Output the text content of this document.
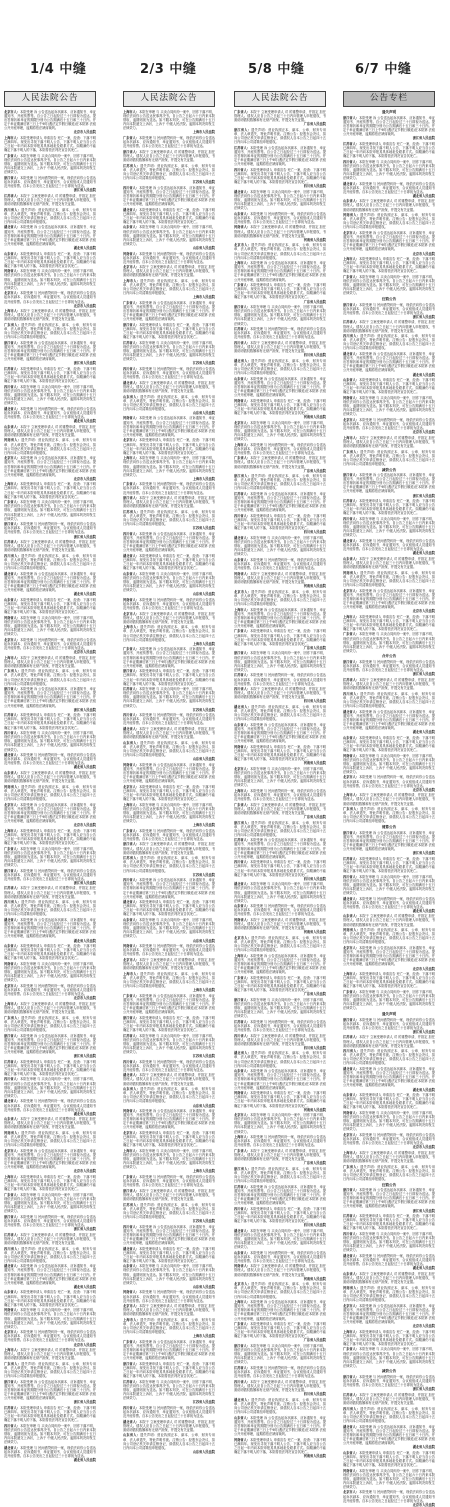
1/4 中缝	2/3 中缝	5/8 中缝	6/7 中缝
人民法院公告
北京市人：本院受理 诉 公告送达起诉状副本、应诉通知书、举证通知书、开庭传票等。自公告之日起经过三十日即视为送达。提出答辩状和举证的期限分别为公告期满后十五日和三十日内。并定于举证期满后第三日上午9时(遇法定节假日顺延)在本院第 法庭公开开庭审理，逾期将依法缺席裁判。
北京市人民法院
上海市人：本院受理申请人 申请宣告 死亡一案，经查：下落不明已满四年。现发出寻找下落不明人公告，下落不明人应当自公告之日起一年内向本院申报其具体地址及联系方式。如期满仍不能确定下落不明人的下落，本院将依法判决宣告其死亡。
广东省人：本院在审理 与 买卖合同纠纷一案中，因你下落不明，现依法向你公告送达民事判决书。自公告之日起六十日内来本院领取，逾期则视为送达。如不服本判决，可在公告期满后十五日内向本院递交上诉状，上诉于 中级人民法院。逾期本判决即发生法律效力。
浙江省人：本院受理 与 民间借贷纠纷一案，现依法向你公告送达起诉状副本、应诉通知书、举证通知书、合议庭组成人员通知书及开庭传票。自本公告发出之日起经过三十日即视为送达。
浙江省人民法院
江苏省人：本院于 立案受理申请人 对 的重整申请，并指定 担任管理人。债权人应自公告之日起三十日内向管理人申报债权，书面说明债权数额和有无财产担保，并提交有关证据。
四川省人：遗失声明：营业执照正本、副本、公章、财务专用章、法人章遗失，特此声明作废。注销公告：经股东会决议，拟向公司登记机关申请注销登记，请债权人自本公告之日起四十五日内向本公司清算组申报债权。
湖北省人：本院受理 诉 公告送达起诉状副本、应诉通知书、举证通知书、开庭传票等。自公告之日起经过三十日即视为送达。提出答辩状和举证的期限分别为公告期满后十五日和三十日内。并定于举证期满后第三日上午9时(遇法定节假日顺延)在本院第 法庭公开开庭审理，逾期将依法缺席裁判。
湖北省人民法院
山东省人：本院受理申请人 申请宣告 死亡一案，经查：下落不明已满四年。现发出寻找下落不明人公告，下落不明人应当自公告之日起一年内向本院申报其具体地址及联系方式。如期满仍不能确定下落不明人的下落，本院将依法判决宣告其死亡。
河南省人：本院在审理 与 买卖合同纠纷一案中，因你下落不明，现依法向你公告送达民事判决书。自公告之日起六十日内来本院领取，逾期则视为送达。如不服本判决，可在公告期满后十五日内向本院递交上诉状，上诉于 中级人民法院。逾期本判决即发生法律效力。
北京市人：本院受理 与 民间借贷纠纷一案，现依法向你公告送达起诉状副本、应诉通知书、举证通知书、合议庭组成人员通知书及开庭传票。自本公告发出之日起经过三十日即视为送达。
北京市人民法院
上海市人：本院于 立案受理申请人 对 的重整申请，并指定 担任管理人。债权人应自公告之日起三十日内向管理人申报债权，书面说明债权数额和有无财产担保，并提交有关证据。
广东省人：遗失声明：营业执照正本、副本、公章、财务专用章、法人章遗失，特此声明作废。注销公告：经股东会决议，拟向公司登记机关申请注销登记，请债权人自本公告之日起四十五日内向本公司清算组申报债权。
浙江省人：本院受理 诉 公告送达起诉状副本、应诉通知书、举证通知书、开庭传票等。自公告之日起经过三十日即视为送达。提出答辩状和举证的期限分别为公告期满后十五日和三十日内。并定于举证期满后第三日上午9时(遇法定节假日顺延)在本院第 法庭公开开庭审理，逾期将依法缺席裁判。
浙江省人民法院
江苏省人：本院受理申请人 申请宣告 死亡一案，经查：下落不明已满四年。现发出寻找下落不明人公告，下落不明人应当自公告之日起一年内向本院申报其具体地址及联系方式。如期满仍不能确定下落不明人的下落，本院将依法判决宣告其死亡。
四川省人：本院在审理 与 买卖合同纠纷一案中，因你下落不明，现依法向你公告送达民事判决书。自公告之日起六十日内来本院领取，逾期则视为送达。如不服本判决，可在公告期满后十五日内向本院递交上诉状，上诉于 中级人民法院。逾期本判决即发生法律效力。
湖北省人：本院受理 与 民间借贷纠纷一案，现依法向你公告送达起诉状副本、应诉通知书、举证通知书、合议庭组成人员通知书及开庭传票。自本公告发出之日起经过三十日即视为送达。
湖北省人民法院
山东省人：本院于 立案受理申请人 对 的重整申请，并指定 担任管理人。债权人应自公告之日起三十日内向管理人申报债权，书面说明债权数额和有无财产担保，并提交有关证据。
河南省人：遗失声明：营业执照正本、副本、公章、财务专用章、法人章遗失，特此声明作废。注销公告：经股东会决议，拟向公司登记机关申请注销登记，请债权人自本公告之日起四十五日内向本公司清算组申报债权。
北京市人：本院受理 诉 公告送达起诉状副本、应诉通知书、举证通知书、开庭传票等。自公告之日起经过三十日即视为送达。提出答辩状和举证的期限分别为公告期满后十五日和三十日内。并定于举证期满后第三日上午9时(遇法定节假日顺延)在本院第 法庭公开开庭审理，逾期将依法缺席裁判。
北京市人民法院
上海市人：本院受理申请人 申请宣告 死亡一案，经查：下落不明已满四年。现发出寻找下落不明人公告，下落不明人应当自公告之日起一年内向本院申报其具体地址及联系方式。如期满仍不能确定下落不明人的下落，本院将依法判决宣告其死亡。
广东省人：本院在审理 与 买卖合同纠纷一案中，因你下落不明，现依法向你公告送达民事判决书。自公告之日起六十日内来本院领取，逾期则视为送达。如不服本判决，可在公告期满后十五日内向本院递交上诉状，上诉于 中级人民法院。逾期本判决即发生法律效力。
浙江省人：本院受理 与 民间借贷纠纷一案，现依法向你公告送达起诉状副本、应诉通知书、举证通知书、合议庭组成人员通知书及开庭传票。自本公告发出之日起经过三十日即视为送达。
浙江省人民法院
江苏省人：本院于 立案受理申请人 对 的重整申请，并指定 担任管理人。债权人应自公告之日起三十日内向管理人申报债权，书面说明债权数额和有无财产担保，并提交有关证据。
四川省人：遗失声明：营业执照正本、副本、公章、财务专用章、法人章遗失，特此声明作废。注销公告：经股东会决议，拟向公司登记机关申请注销登记，请债权人自本公告之日起四十五日内向本公司清算组申报债权。
湖北省人：本院受理 诉 公告送达起诉状副本、应诉通知书、举证通知书、开庭传票等。自公告之日起经过三十日即视为送达。提出答辩状和举证的期限分别为公告期满后十五日和三十日内。并定于举证期满后第三日上午9时(遇法定节假日顺延)在本院第 法庭公开开庭审理，逾期将依法缺席裁判。
湖北省人民法院
山东省人：本院受理申请人 申请宣告 死亡一案，经查：下落不明已满四年。现发出寻找下落不明人公告，下落不明人应当自公告之日起一年内向本院申报其具体地址及联系方式。如期满仍不能确定下落不明人的下落，本院将依法判决宣告其死亡。
河南省人：本院在审理 与 买卖合同纠纷一案中，因你下落不明，现依法向你公告送达民事判决书。自公告之日起六十日内来本院领取，逾期则视为送达。如不服本判决，可在公告期满后十五日内向本院递交上诉状，上诉于 中级人民法院。逾期本判决即发生法律效力。
北京市人：本院受理 与 民间借贷纠纷一案，现依法向你公告送达起诉状副本、应诉通知书、举证通知书、合议庭组成人员通知书及开庭传票。自本公告发出之日起经过三十日即视为送达。
北京市人民法院
上海市人：本院于 立案受理申请人 对 的重整申请，并指定 担任管理人。债权人应自公告之日起三十日内向管理人申报债权，书面说明债权数额和有无财产担保，并提交有关证据。
广东省人：遗失声明：营业执照正本、副本、公章、财务专用章、法人章遗失，特此声明作废。注销公告：经股东会决议，拟向公司登记机关申请注销登记，请债权人自本公告之日起四十五日内向本公司清算组申报债权。
浙江省人：本院受理 诉 公告送达起诉状副本、应诉通知书、举证通知书、开庭传票等。自公告之日起经过三十日即视为送达。提出答辩状和举证的期限分别为公告期满后十五日和三十日内。并定于举证期满后第三日上午9时(遇法定节假日顺延)在本院第 法庭公开开庭审理，逾期将依法缺席裁判。
浙江省人民法院
江苏省人：本院受理申请人 申请宣告 死亡一案，经查：下落不明已满四年。现发出寻找下落不明人公告，下落不明人应当自公告之日起一年内向本院申报其具体地址及联系方式。如期满仍不能确定下落不明人的下落，本院将依法判决宣告其死亡。
四川省人：本院在审理 与 买卖合同纠纷一案中，因你下落不明，现依法向你公告送达民事判决书。自公告之日起六十日内来本院领取，逾期则视为送达。如不服本判决，可在公告期满后十五日内向本院递交上诉状，上诉于 中级人民法院。逾期本判决即发生法律效力。
湖北省人：本院受理 与 民间借贷纠纷一案，现依法向你公告送达起诉状副本、应诉通知书、举证通知书、合议庭组成人员通知书及开庭传票。自本公告发出之日起经过三十日即视为送达。
湖北省人民法院
山东省人：本院于 立案受理申请人 对 的重整申请，并指定 担任管理人。债权人应自公告之日起三十日内向管理人申报债权，书面说明债权数额和有无财产担保，并提交有关证据。
河南省人：遗失声明：营业执照正本、副本、公章、财务专用章、法人章遗失，特此声明作废。注销公告：经股东会决议，拟向公司登记机关申请注销登记，请债权人自本公告之日起四十五日内向本公司清算组申报债权。
北京市人：本院受理 诉 公告送达起诉状副本、应诉通知书、举证通知书、开庭传票等。自公告之日起经过三十日即视为送达。提出答辩状和举证的期限分别为公告期满后十五日和三十日内。并定于举证期满后第三日上午9时(遇法定节假日顺延)在本院第 法庭公开开庭审理，逾期将依法缺席裁判。
北京市人民法院
上海市人：本院受理申请人 申请宣告 死亡一案，经查：下落不明已满四年。现发出寻找下落不明人公告，下落不明人应当自公告之日起一年内向本院申报其具体地址及联系方式。如期满仍不能确定下落不明人的下落，本院将依法判决宣告其死亡。
广东省人：本院在审理 与 买卖合同纠纷一案中，因你下落不明，现依法向你公告送达民事判决书。自公告之日起六十日内来本院领取，逾期则视为送达。如不服本判决，可在公告期满后十五日内向本院递交上诉状，上诉于 中级人民法院。逾期本判决即发生法律效力。
浙江省人：本院受理 与 民间借贷纠纷一案，现依法向你公告送达起诉状副本、应诉通知书、举证通知书、合议庭组成人员通知书及开庭传票。自本公告发出之日起经过三十日即视为送达。
浙江省人民法院
江苏省人：本院于 立案受理申请人 对 的重整申请，并指定 担任管理人。债权人应自公告之日起三十日内向管理人申报债权，书面说明债权数额和有无财产担保，并提交有关证据。
四川省人：遗失声明：营业执照正本、副本、公章、财务专用章、法人章遗失，特此声明作废。注销公告：经股东会决议，拟向公司登记机关申请注销登记，请债权人自本公告之日起四十五日内向本公司清算组申报债权。
湖北省人：本院受理 诉 公告送达起诉状副本、应诉通知书、举证通知书、开庭传票等。自公告之日起经过三十日即视为送达。提出答辩状和举证的期限分别为公告期满后十五日和三十日内。并定于举证期满后第三日上午9时(遇法定节假日顺延)在本院第 法庭公开开庭审理，逾期将依法缺席裁判。
湖北省人民法院
山东省人：本院受理申请人 申请宣告 死亡一案，经查：下落不明已满四年。现发出寻找下落不明人公告，下落不明人应当自公告之日起一年内向本院申报其具体地址及联系方式。如期满仍不能确定下落不明人的下落，本院将依法判决宣告其死亡。
河南省人：本院在审理 与 买卖合同纠纷一案中，因你下落不明，现依法向你公告送达民事判决书。自公告之日起六十日内来本院领取，逾期则视为送达。如不服本判决，可在公告期满后十五日内向本院递交上诉状，上诉于 中级人民法院。逾期本判决即发生法律效力。
北京市人：本院受理 与 民间借贷纠纷一案，现依法向你公告送达起诉状副本、应诉通知书、举证通知书、合议庭组成人员通知书及开庭传票。自本公告发出之日起经过三十日即视为送达。
北京市人民法院
上海市人：本院于 立案受理申请人 对 的重整申请，并指定 担任管理人。债权人应自公告之日起三十日内向管理人申报债权，书面说明债权数额和有无财产担保，并提交有关证据。
广东省人：遗失声明：营业执照正本、副本、公章、财务专用章、法人章遗失，特此声明作废。注销公告：经股东会决议，拟向公司登记机关申请注销登记，请债权人自本公告之日起四十五日内向本公司清算组申报债权。
浙江省人：本院受理 诉 公告送达起诉状副本、应诉通知书、举证通知书、开庭传票等。自公告之日起经过三十日即视为送达。提出答辩状和举证的期限分别为公告期满后十五日和三十日内。并定于举证期满后第三日上午9时(遇法定节假日顺延)在本院第 法庭公开开庭审理，逾期将依法缺席裁判。
浙江省人民法院
江苏省人：本院受理申请人 申请宣告 死亡一案，经查：下落不明已满四年。现发出寻找下落不明人公告，下落不明人应当自公告之日起一年内向本院申报其具体地址及联系方式。如期满仍不能确定下落不明人的下落，本院将依法判决宣告其死亡。
四川省人：本院在审理 与 买卖合同纠纷一案中，因你下落不明，现依法向你公告送达民事判决书。自公告之日起六十日内来本院领取，逾期则视为送达。如不服本判决，可在公告期满后十五日内向本院递交上诉状，上诉于 中级人民法院。逾期本判决即发生法律效力。
湖北省人：本院受理 与 民间借贷纠纷一案，现依法向你公告送达起诉状副本、应诉通知书、举证通知书、合议庭组成人员通知书及开庭传票。自本公告发出之日起经过三十日即视为送达。
湖北省人民法院
山东省人：本院于 立案受理申请人 对 的重整申请，并指定 担任管理人。债权人应自公告之日起三十日内向管理人申报债权，书面说明债权数额和有无财产担保，并提交有关证据。
河南省人：遗失声明：营业执照正本、副本、公章、财务专用章、法人章遗失，特此声明作废。注销公告：经股东会决议，拟向公司登记机关申请注销登记，请债权人自本公告之日起四十五日内向本公司清算组申报债权。
北京市人：本院受理 诉 公告送达起诉状副本、应诉通知书、举证通知书、开庭传票等。自公告之日起经过三十日即视为送达。提出答辩状和举证的期限分别为公告期满后十五日和三十日内。并定于举证期满后第三日上午9时(遇法定节假日顺延)在本院第 法庭公开开庭审理，逾期将依法缺席裁判。
北京市人民法院
上海市人：本院受理申请人 申请宣告 死亡一案，经查：下落不明已满四年。现发出寻找下落不明人公告，下落不明人应当自公告之日起一年内向本院申报其具体地址及联系方式。如期满仍不能确定下落不明人的下落，本院将依法判决宣告其死亡。
广东省人：本院在审理 与 买卖合同纠纷一案中，因你下落不明，现依法向你公告送达民事判决书。自公告之日起六十日内来本院领取，逾期则视为送达。如不服本判决，可在公告期满后十五日内向本院递交上诉状，上诉于 中级人民法院。逾期本判决即发生法律效力。
浙江省人：本院受理 与 民间借贷纠纷一案，现依法向你公告送达起诉状副本、应诉通知书、举证通知书、合议庭组成人员通知书及开庭传票。自本公告发出之日起经过三十日即视为送达。
浙江省人民法院
江苏省人：本院于 立案受理申请人 对 的重整申请，并指定 担任管理人。债权人应自公告之日起三十日内向管理人申报债权，书面说明债权数额和有无财产担保，并提交有关证据。
四川省人：遗失声明：营业执照正本、副本、公章、财务专用章、法人章遗失，特此声明作废。注销公告：经股东会决议，拟向公司登记机关申请注销登记，请债权人自本公告之日起四十五日内向本公司清算组申报债权。
湖北省人：本院受理 诉 公告送达起诉状副本、应诉通知书、举证通知书、开庭传票等。自公告之日起经过三十日即视为送达。提出答辩状和举证的期限分别为公告期满后十五日和三十日内。并定于举证期满后第三日上午9时(遇法定节假日顺延)在本院第 法庭公开开庭审理，逾期将依法缺席裁判。
湖北省人民法院
山东省人：本院受理申请人 申请宣告 死亡一案，经查：下落不明已满四年。现发出寻找下落不明人公告，下落不明人应当自公告之日起一年内向本院申报其具体地址及联系方式。如期满仍不能确定下落不明人的下落，本院将依法判决宣告其死亡。
河南省人：本院在审理 与 买卖合同纠纷一案中，因你下落不明，现依法向你公告送达民事判决书。自公告之日起六十日内来本院领取，逾期则视为送达。如不服本判决，可在公告期满后十五日内向本院递交上诉状，上诉于 中级人民法院。逾期本判决即发生法律效力。
北京市人：本院受理 与 民间借贷纠纷一案，现依法向你公告送达起诉状副本、应诉通知书、举证通知书、合议庭组成人员通知书及开庭传票。自本公告发出之日起经过三十日即视为送达。
北京市人民法院
上海市人：本院于 立案受理申请人 对 的重整申请，并指定 担任管理人。债权人应自公告之日起三十日内向管理人申报债权，书面说明债权数额和有无财产担保，并提交有关证据。
广东省人：遗失声明：营业执照正本、副本、公章、财务专用章、法人章遗失，特此声明作废。注销公告：经股东会决议，拟向公司登记机关申请注销登记，请债权人自本公告之日起四十五日内向本公司清算组申报债权。
浙江省人：本院受理 诉 公告送达起诉状副本、应诉通知书、举证通知书、开庭传票等。自公告之日起经过三十日即视为送达。提出答辩状和举证的期限分别为公告期满后十五日和三十日内。并定于举证期满后第三日上午9时(遇法定节假日顺延)在本院第 法庭公开开庭审理，逾期将依法缺席裁判。
浙江省人民法院
江苏省人：本院受理申请人 申请宣告 死亡一案，经查：下落不明已满四年。现发出寻找下落不明人公告，下落不明人应当自公告之日起一年内向本院申报其具体地址及联系方式。如期满仍不能确定下落不明人的下落，本院将依法判决宣告其死亡。
四川省人：本院在审理 与 买卖合同纠纷一案中，因你下落不明，现依法向你公告送达民事判决书。自公告之日起六十日内来本院领取，逾期则视为送达。如不服本判决，可在公告期满后十五日内向本院递交上诉状，上诉于 中级人民法院。逾期本判决即发生法律效力。
湖北省人：本院受理 与 民间借贷纠纷一案，现依法向你公告送达起诉状副本、应诉通知书、举证通知书、合议庭组成人员通知书及开庭传票。自本公告发出之日起经过三十日即视为送达。
湖北省人民法院
人民法院公告
上海市人：本院在审理 与 买卖合同纠纷一案中，因你下落不明，现依法向你公告送达民事判决书。自公告之日起六十日内来本院领取，逾期则视为送达。如不服本判决，可在公告期满后十五日内向本院递交上诉状，上诉于 中级人民法院。逾期本判决即发生法律效力。
上海市人民法院
广东省人：本院受理 与 民间借贷纠纷一案，现依法向你公告送达起诉状副本、应诉通知书、举证通知书、合议庭组成人员通知书及开庭传票。自本公告发出之日起经过三十日即视为送达。
浙江省人：本院于 立案受理申请人 对 的重整申请，并指定 担任管理人。债权人应自公告之日起三十日内向管理人申报债权，书面说明债权数额和有无财产担保，并提交有关证据。
江苏省人：遗失声明：营业执照正本、副本、公章、财务专用章、法人章遗失，特此声明作废。注销公告：经股东会决议，拟向公司登记机关申请注销登记，请债权人自本公告之日起四十五日内向本公司清算组申报债权。
江苏省人民法院
四川省人：本院受理 诉 公告送达起诉状副本、应诉通知书、举证通知书、开庭传票等。自公告之日起经过三十日即视为送达。提出答辩状和举证的期限分别为公告期满后十五日和三十日内。并定于举证期满后第三日上午9时(遇法定节假日顺延)在本院第 法庭公开开庭审理，逾期将依法缺席裁判。
湖北省人：本院受理申请人 申请宣告 死亡一案，经查：下落不明已满四年。现发出寻找下落不明人公告，下落不明人应当自公告之日起一年内向本院申报其具体地址及联系方式。如期满仍不能确定下落不明人的下落，本院将依法判决宣告其死亡。
山东省人：本院在审理 与 买卖合同纠纷一案中，因你下落不明，现依法向你公告送达民事判决书。自公告之日起六十日内来本院领取，逾期则视为送达。如不服本判决，可在公告期满后十五日内向本院递交上诉状，上诉于 中级人民法院。逾期本判决即发生法律效力。
山东省人民法院
河南省人：本院受理 与 民间借贷纠纷一案，现依法向你公告送达起诉状副本、应诉通知书、举证通知书、合议庭组成人员通知书及开庭传票。自本公告发出之日起经过三十日即视为送达。
北京市人：本院于 立案受理申请人 对 的重整申请，并指定 担任管理人。债权人应自公告之日起三十日内向管理人申报债权，书面说明债权数额和有无财产担保，并提交有关证据。
上海市人：遗失声明：营业执照正本、副本、公章、财务专用章、法人章遗失，特此声明作废。注销公告：经股东会决议，拟向公司登记机关申请注销登记，请债权人自本公告之日起四十五日内向本公司清算组申报债权。
上海市人民法院
广东省人：本院受理 诉 公告送达起诉状副本、应诉通知书、举证通知书、开庭传票等。自公告之日起经过三十日即视为送达。提出答辩状和举证的期限分别为公告期满后十五日和三十日内。并定于举证期满后第三日上午9时(遇法定节假日顺延)在本院第 法庭公开开庭审理，逾期将依法缺席裁判。
浙江省人：本院受理申请人 申请宣告 死亡一案，经查：下落不明已满四年。现发出寻找下落不明人公告，下落不明人应当自公告之日起一年内向本院申报其具体地址及联系方式。如期满仍不能确定下落不明人的下落，本院将依法判决宣告其死亡。
江苏省人：本院在审理 与 买卖合同纠纷一案中，因你下落不明，现依法向你公告送达民事判决书。自公告之日起六十日内来本院领取，逾期则视为送达。如不服本判决，可在公告期满后十五日内向本院递交上诉状，上诉于 中级人民法院。逾期本判决即发生法律效力。
江苏省人民法院
四川省人：本院受理 与 民间借贷纠纷一案，现依法向你公告送达起诉状副本、应诉通知书、举证通知书、合议庭组成人员通知书及开庭传票。自本公告发出之日起经过三十日即视为送达。
湖北省人：本院于 立案受理申请人 对 的重整申请，并指定 担任管理人。债权人应自公告之日起三十日内向管理人申报债权，书面说明债权数额和有无财产担保，并提交有关证据。
山东省人：遗失声明：营业执照正本、副本、公章、财务专用章、法人章遗失，特此声明作废。注销公告：经股东会决议，拟向公司登记机关申请注销登记，请债权人自本公告之日起四十五日内向本公司清算组申报债权。
山东省人民法院
河南省人：本院受理 诉 公告送达起诉状副本、应诉通知书、举证通知书、开庭传票等。自公告之日起经过三十日即视为送达。提出答辩状和举证的期限分别为公告期满后十五日和三十日内。并定于举证期满后第三日上午9时(遇法定节假日顺延)在本院第 法庭公开开庭审理，逾期将依法缺席裁判。
北京市人：本院受理申请人 申请宣告 死亡一案，经查：下落不明已满四年。现发出寻找下落不明人公告，下落不明人应当自公告之日起一年内向本院申报其具体地址及联系方式。如期满仍不能确定下落不明人的下落，本院将依法判决宣告其死亡。
上海市人：本院在审理 与 买卖合同纠纷一案中，因你下落不明，现依法向你公告送达民事判决书。自公告之日起六十日内来本院领取，逾期则视为送达。如不服本判决，可在公告期满后十五日内向本院递交上诉状，上诉于 中级人民法院。逾期本判决即发生法律效力。
上海市人民法院
广东省人：本院受理 与 民间借贷纠纷一案，现依法向你公告送达起诉状副本、应诉通知书、举证通知书、合议庭组成人员通知书及开庭传票。自本公告发出之日起经过三十日即视为送达。
浙江省人：本院于 立案受理申请人 对 的重整申请，并指定 担任管理人。债权人应自公告之日起三十日内向管理人申报债权，书面说明债权数额和有无财产担保，并提交有关证据。
江苏省人：遗失声明：营业执照正本、副本、公章、财务专用章、法人章遗失，特此声明作废。注销公告：经股东会决议，拟向公司登记机关申请注销登记，请债权人自本公告之日起四十五日内向本公司清算组申报债权。
江苏省人民法院
四川省人：本院受理 诉 公告送达起诉状副本、应诉通知书、举证通知书、开庭传票等。自公告之日起经过三十日即视为送达。提出答辩状和举证的期限分别为公告期满后十五日和三十日内。并定于举证期满后第三日上午9时(遇法定节假日顺延)在本院第 法庭公开开庭审理，逾期将依法缺席裁判。
湖北省人：本院受理申请人 申请宣告 死亡一案，经查：下落不明已满四年。现发出寻找下落不明人公告，下落不明人应当自公告之日起一年内向本院申报其具体地址及联系方式。如期满仍不能确定下落不明人的下落，本院将依法判决宣告其死亡。
山东省人：本院在审理 与 买卖合同纠纷一案中，因你下落不明，现依法向你公告送达民事判决书。自公告之日起六十日内来本院领取，逾期则视为送达。如不服本判决，可在公告期满后十五日内向本院递交上诉状，上诉于 中级人民法院。逾期本判决即发生法律效力。
山东省人民法院
河南省人：本院受理 与 民间借贷纠纷一案，现依法向你公告送达起诉状副本、应诉通知书、举证通知书、合议庭组成人员通知书及开庭传票。自本公告发出之日起经过三十日即视为送达。
北京市人：本院于 立案受理申请人 对 的重整申请，并指定 担任管理人。债权人应自公告之日起三十日内向管理人申报债权，书面说明债权数额和有无财产担保，并提交有关证据。
上海市人：遗失声明：营业执照正本、副本、公章、财务专用章、法人章遗失，特此声明作废。注销公告：经股东会决议，拟向公司登记机关申请注销登记，请债权人自本公告之日起四十五日内向本公司清算组申报债权。
上海市人民法院
广东省人：本院受理 诉 公告送达起诉状副本、应诉通知书、举证通知书、开庭传票等。自公告之日起经过三十日即视为送达。提出答辩状和举证的期限分别为公告期满后十五日和三十日内。并定于举证期满后第三日上午9时(遇法定节假日顺延)在本院第 法庭公开开庭审理，逾期将依法缺席裁判。
浙江省人：本院受理申请人 申请宣告 死亡一案，经查：下落不明已满四年。现发出寻找下落不明人公告，下落不明人应当自公告之日起一年内向本院申报其具体地址及联系方式。如期满仍不能确定下落不明人的下落，本院将依法判决宣告其死亡。
江苏省人：本院在审理 与 买卖合同纠纷一案中，因你下落不明，现依法向你公告送达民事判决书。自公告之日起六十日内来本院领取，逾期则视为送达。如不服本判决，可在公告期满后十五日内向本院递交上诉状，上诉于 中级人民法院。逾期本判决即发生法律效力。
江苏省人民法院
四川省人：本院受理 与 民间借贷纠纷一案，现依法向你公告送达起诉状副本、应诉通知书、举证通知书、合议庭组成人员通知书及开庭传票。自本公告发出之日起经过三十日即视为送达。
湖北省人：本院于 立案受理申请人 对 的重整申请，并指定 担任管理人。债权人应自公告之日起三十日内向管理人申报债权，书面说明债权数额和有无财产担保，并提交有关证据。
山东省人：遗失声明：营业执照正本、副本、公章、财务专用章、法人章遗失，特此声明作废。注销公告：经股东会决议，拟向公司登记机关申请注销登记，请债权人自本公告之日起四十五日内向本公司清算组申报债权。
山东省人民法院
河南省人：本院受理 诉 公告送达起诉状副本、应诉通知书、举证通知书、开庭传票等。自公告之日起经过三十日即视为送达。提出答辩状和举证的期限分别为公告期满后十五日和三十日内。并定于举证期满后第三日上午9时(遇法定节假日顺延)在本院第 法庭公开开庭审理，逾期将依法缺席裁判。
北京市人：本院受理申请人 申请宣告 死亡一案，经查：下落不明已满四年。现发出寻找下落不明人公告，下落不明人应当自公告之日起一年内向本院申报其具体地址及联系方式。如期满仍不能确定下落不明人的下落，本院将依法判决宣告其死亡。
上海市人：本院在审理 与 买卖合同纠纷一案中，因你下落不明，现依法向你公告送达民事判决书。自公告之日起六十日内来本院领取，逾期则视为送达。如不服本判决，可在公告期满后十五日内向本院递交上诉状，上诉于 中级人民法院。逾期本判决即发生法律效力。
上海市人民法院
广东省人：本院受理 与 民间借贷纠纷一案，现依法向你公告送达起诉状副本、应诉通知书、举证通知书、合议庭组成人员通知书及开庭传票。自本公告发出之日起经过三十日即视为送达。
浙江省人：本院于 立案受理申请人 对 的重整申请，并指定 担任管理人。债权人应自公告之日起三十日内向管理人申报债权，书面说明债权数额和有无财产担保，并提交有关证据。
江苏省人：遗失声明：营业执照正本、副本、公章、财务专用章、法人章遗失，特此声明作废。注销公告：经股东会决议，拟向公司登记机关申请注销登记，请债权人自本公告之日起四十五日内向本公司清算组申报债权。
江苏省人民法院
四川省人：本院受理 诉 公告送达起诉状副本、应诉通知书、举证通知书、开庭传票等。自公告之日起经过三十日即视为送达。提出答辩状和举证的期限分别为公告期满后十五日和三十日内。并定于举证期满后第三日上午9时(遇法定节假日顺延)在本院第 法庭公开开庭审理，逾期将依法缺席裁判。
湖北省人：本院受理申请人 申请宣告 死亡一案，经查：下落不明已满四年。现发出寻找下落不明人公告，下落不明人应当自公告之日起一年内向本院申报其具体地址及联系方式。如期满仍不能确定下落不明人的下落，本院将依法判决宣告其死亡。
山东省人：本院在审理 与 买卖合同纠纷一案中，因你下落不明，现依法向你公告送达民事判决书。自公告之日起六十日内来本院领取，逾期则视为送达。如不服本判决，可在公告期满后十五日内向本院递交上诉状，上诉于 中级人民法院。逾期本判决即发生法律效力。
山东省人民法院
河南省人：本院受理 与 民间借贷纠纷一案，现依法向你公告送达起诉状副本、应诉通知书、举证通知书、合议庭组成人员通知书及开庭传票。自本公告发出之日起经过三十日即视为送达。
北京市人：本院于 立案受理申请人 对 的重整申请，并指定 担任管理人。债权人应自公告之日起三十日内向管理人申报债权，书面说明债权数额和有无财产担保，并提交有关证据。
上海市人：遗失声明：营业执照正本、副本、公章、财务专用章、法人章遗失，特此声明作废。注销公告：经股东会决议，拟向公司登记机关申请注销登记，请债权人自本公告之日起四十五日内向本公司清算组申报债权。
上海市人民法院
广东省人：本院受理 诉 公告送达起诉状副本、应诉通知书、举证通知书、开庭传票等。自公告之日起经过三十日即视为送达。提出答辩状和举证的期限分别为公告期满后十五日和三十日内。并定于举证期满后第三日上午9时(遇法定节假日顺延)在本院第 法庭公开开庭审理，逾期将依法缺席裁判。
浙江省人：本院受理申请人 申请宣告 死亡一案，经查：下落不明已满四年。现发出寻找下落不明人公告，下落不明人应当自公告之日起一年内向本院申报其具体地址及联系方式。如期满仍不能确定下落不明人的下落，本院将依法判决宣告其死亡。
江苏省人：本院在审理 与 买卖合同纠纷一案中，因你下落不明，现依法向你公告送达民事判决书。自公告之日起六十日内来本院领取，逾期则视为送达。如不服本判决，可在公告期满后十五日内向本院递交上诉状，上诉于 中级人民法院。逾期本判决即发生法律效力。
江苏省人民法院
四川省人：本院受理 与 民间借贷纠纷一案，现依法向你公告送达起诉状副本、应诉通知书、举证通知书、合议庭组成人员通知书及开庭传票。自本公告发出之日起经过三十日即视为送达。
湖北省人：本院于 立案受理申请人 对 的重整申请，并指定 担任管理人。债权人应自公告之日起三十日内向管理人申报债权，书面说明债权数额和有无财产担保，并提交有关证据。
山东省人：遗失声明：营业执照正本、副本、公章、财务专用章、法人章遗失，特此声明作废。注销公告：经股东会决议，拟向公司登记机关申请注销登记，请债权人自本公告之日起四十五日内向本公司清算组申报债权。
山东省人民法院
河南省人：本院受理 诉 公告送达起诉状副本、应诉通知书、举证通知书、开庭传票等。自公告之日起经过三十日即视为送达。提出答辩状和举证的期限分别为公告期满后十五日和三十日内。并定于举证期满后第三日上午9时(遇法定节假日顺延)在本院第 法庭公开开庭审理，逾期将依法缺席裁判。
北京市人：本院受理申请人 申请宣告 死亡一案，经查：下落不明已满四年。现发出寻找下落不明人公告，下落不明人应当自公告之日起一年内向本院申报其具体地址及联系方式。如期满仍不能确定下落不明人的下落，本院将依法判决宣告其死亡。
上海市人：本院在审理 与 买卖合同纠纷一案中，因你下落不明，现依法向你公告送达民事判决书。自公告之日起六十日内来本院领取，逾期则视为送达。如不服本判决，可在公告期满后十五日内向本院递交上诉状，上诉于 中级人民法院。逾期本判决即发生法律效力。
上海市人民法院
广东省人：本院受理 与 民间借贷纠纷一案，现依法向你公告送达起诉状副本、应诉通知书、举证通知书、合议庭组成人员通知书及开庭传票。自本公告发出之日起经过三十日即视为送达。
浙江省人：本院于 立案受理申请人 对 的重整申请，并指定 担任管理人。债权人应自公告之日起三十日内向管理人申报债权，书面说明债权数额和有无财产担保，并提交有关证据。
江苏省人：遗失声明：营业执照正本、副本、公章、财务专用章、法人章遗失，特此声明作废。注销公告：经股东会决议，拟向公司登记机关申请注销登记，请债权人自本公告之日起四十五日内向本公司清算组申报债权。
江苏省人民法院
四川省人：本院受理 诉 公告送达起诉状副本、应诉通知书、举证通知书、开庭传票等。自公告之日起经过三十日即视为送达。提出答辩状和举证的期限分别为公告期满后十五日和三十日内。并定于举证期满后第三日上午9时(遇法定节假日顺延)在本院第 法庭公开开庭审理，逾期将依法缺席裁判。
湖北省人：本院受理申请人 申请宣告 死亡一案，经查：下落不明已满四年。现发出寻找下落不明人公告，下落不明人应当自公告之日起一年内向本院申报其具体地址及联系方式。如期满仍不能确定下落不明人的下落，本院将依法判决宣告其死亡。
山东省人：本院在审理 与 买卖合同纠纷一案中，因你下落不明，现依法向你公告送达民事判决书。自公告之日起六十日内来本院领取，逾期则视为送达。如不服本判决，可在公告期满后十五日内向本院递交上诉状，上诉于 中级人民法院。逾期本判决即发生法律效力。
山东省人民法院
河南省人：本院受理 与 民间借贷纠纷一案，现依法向你公告送达起诉状副本、应诉通知书、举证通知书、合议庭组成人员通知书及开庭传票。自本公告发出之日起经过三十日即视为送达。
北京市人：本院于 立案受理申请人 对 的重整申请，并指定 担任管理人。债权人应自公告之日起三十日内向管理人申报债权，书面说明债权数额和有无财产担保，并提交有关证据。
上海市人：遗失声明：营业执照正本、副本、公章、财务专用章、法人章遗失，特此声明作废。注销公告：经股东会决议，拟向公司登记机关申请注销登记，请债权人自本公告之日起四十五日内向本公司清算组申报债权。
上海市人民法院
广东省人：本院受理 诉 公告送达起诉状副本、应诉通知书、举证通知书、开庭传票等。自公告之日起经过三十日即视为送达。提出答辩状和举证的期限分别为公告期满后十五日和三十日内。并定于举证期满后第三日上午9时(遇法定节假日顺延)在本院第 法庭公开开庭审理，逾期将依法缺席裁判。
浙江省人：本院受理申请人 申请宣告 死亡一案，经查：下落不明已满四年。现发出寻找下落不明人公告，下落不明人应当自公告之日起一年内向本院申报其具体地址及联系方式。如期满仍不能确定下落不明人的下落，本院将依法判决宣告其死亡。
江苏省人：本院在审理 与 买卖合同纠纷一案中，因你下落不明，现依法向你公告送达民事判决书。自公告之日起六十日内来本院领取，逾期则视为送达。如不服本判决，可在公告期满后十五日内向本院递交上诉状，上诉于 中级人民法院。逾期本判决即发生法律效力。
江苏省人民法院
四川省人：本院受理 与 民间借贷纠纷一案，现依法向你公告送达起诉状副本、应诉通知书、举证通知书、合议庭组成人员通知书及开庭传票。自本公告发出之日起经过三十日即视为送达。
湖北省人：本院于 立案受理申请人 对 的重整申请，并指定 担任管理人。债权人应自公告之日起三十日内向管理人申报债权，书面说明债权数额和有无财产担保，并提交有关证据。
山东省人：遗失声明：营业执照正本、副本、公章、财务专用章、法人章遗失，特此声明作废。注销公告：经股东会决议，拟向公司登记机关申请注销登记，请债权人自本公告之日起四十五日内向本公司清算组申报债权。
山东省人民法院
人民法院公告
广东省人：本院于 立案受理申请人 对 的重整申请，并指定 担任管理人。债权人应自公告之日起三十日内向管理人申报债权，书面说明债权数额和有无财产担保，并提交有关证据。
广东省人民法院
浙江省人：遗失声明：营业执照正本、副本、公章、财务专用章、法人章遗失，特此声明作废。注销公告：经股东会决议，拟向公司登记机关申请注销登记，请债权人自本公告之日起四十五日内向本公司清算组申报债权。
江苏省人：本院受理 诉 公告送达起诉状副本、应诉通知书、举证通知书、开庭传票等。自公告之日起经过三十日即视为送达。提出答辩状和举证的期限分别为公告期满后十五日和三十日内。并定于举证期满后第三日上午9时(遇法定节假日顺延)在本院第 法庭公开开庭审理，逾期将依法缺席裁判。
四川省人：本院受理申请人 申请宣告 死亡一案，经查：下落不明已满四年。现发出寻找下落不明人公告，下落不明人应当自公告之日起一年内向本院申报其具体地址及联系方式。如期满仍不能确定下落不明人的下落，本院将依法判决宣告其死亡。
四川省人民法院
湖北省人：本院在审理 与 买卖合同纠纷一案中，因你下落不明，现依法向你公告送达民事判决书。自公告之日起六十日内来本院领取，逾期则视为送达。如不服本判决，可在公告期满后十五日内向本院递交上诉状，上诉于 中级人民法院。逾期本判决即发生法律效力。
山东省人：本院受理 与 民间借贷纠纷一案，现依法向你公告送达起诉状副本、应诉通知书、举证通知书、合议庭组成人员通知书及开庭传票。自本公告发出之日起经过三十日即视为送达。
河南省人：本院于 立案受理申请人 对 的重整申请，并指定 担任管理人。债权人应自公告之日起三十日内向管理人申报债权，书面说明债权数额和有无财产担保，并提交有关证据。
河南省人民法院
北京市人：遗失声明：营业执照正本、副本、公章、财务专用章、法人章遗失，特此声明作废。注销公告：经股东会决议，拟向公司登记机关申请注销登记，请债权人自本公告之日起四十五日内向本公司清算组申报债权。
上海市人：本院受理 诉 公告送达起诉状副本、应诉通知书、举证通知书、开庭传票等。自公告之日起经过三十日即视为送达。提出答辩状和举证的期限分别为公告期满后十五日和三十日内。并定于举证期满后第三日上午9时(遇法定节假日顺延)在本院第 法庭公开开庭审理，逾期将依法缺席裁判。
广东省人：本院受理申请人 申请宣告 死亡一案，经查：下落不明已满四年。现发出寻找下落不明人公告，下落不明人应当自公告之日起一年内向本院申报其具体地址及联系方式。如期满仍不能确定下落不明人的下落，本院将依法判决宣告其死亡。
广东省人民法院
浙江省人：本院在审理 与 买卖合同纠纷一案中，因你下落不明，现依法向你公告送达民事判决书。自公告之日起六十日内来本院领取，逾期则视为送达。如不服本判决，可在公告期满后十五日内向本院递交上诉状，上诉于 中级人民法院。逾期本判决即发生法律效力。
江苏省人：本院受理 与 民间借贷纠纷一案，现依法向你公告送达起诉状副本、应诉通知书、举证通知书、合议庭组成人员通知书及开庭传票。自本公告发出之日起经过三十日即视为送达。
四川省人：本院于 立案受理申请人 对 的重整申请，并指定 担任管理人。债权人应自公告之日起三十日内向管理人申报债权，书面说明债权数额和有无财产担保，并提交有关证据。
四川省人民法院
湖北省人：遗失声明：营业执照正本、副本、公章、财务专用章、法人章遗失，特此声明作废。注销公告：经股东会决议，拟向公司登记机关申请注销登记，请债权人自本公告之日起四十五日内向本公司清算组申报债权。
山东省人：本院受理 诉 公告送达起诉状副本、应诉通知书、举证通知书、开庭传票等。自公告之日起经过三十日即视为送达。提出答辩状和举证的期限分别为公告期满后十五日和三十日内。并定于举证期满后第三日上午9时(遇法定节假日顺延)在本院第 法庭公开开庭审理，逾期将依法缺席裁判。
河南省人：本院受理申请人 申请宣告 死亡一案，经查：下落不明已满四年。现发出寻找下落不明人公告，下落不明人应当自公告之日起一年内向本院申报其具体地址及联系方式。如期满仍不能确定下落不明人的下落，本院将依法判决宣告其死亡。
河南省人民法院
北京市人：本院在审理 与 买卖合同纠纷一案中，因你下落不明，现依法向你公告送达民事判决书。自公告之日起六十日内来本院领取，逾期则视为送达。如不服本判决，可在公告期满后十五日内向本院递交上诉状，上诉于 中级人民法院。逾期本判决即发生法律效力。
上海市人：本院受理 与 民间借贷纠纷一案，现依法向你公告送达起诉状副本、应诉通知书、举证通知书、合议庭组成人员通知书及开庭传票。自本公告发出之日起经过三十日即视为送达。
广东省人：本院于 立案受理申请人 对 的重整申请，并指定 担任管理人。债权人应自公告之日起三十日内向管理人申报债权，书面说明债权数额和有无财产担保，并提交有关证据。
广东省人民法院
浙江省人：遗失声明：营业执照正本、副本、公章、财务专用章、法人章遗失，特此声明作废。注销公告：经股东会决议，拟向公司登记机关申请注销登记，请债权人自本公告之日起四十五日内向本公司清算组申报债权。
江苏省人：本院受理 诉 公告送达起诉状副本、应诉通知书、举证通知书、开庭传票等。自公告之日起经过三十日即视为送达。提出答辩状和举证的期限分别为公告期满后十五日和三十日内。并定于举证期满后第三日上午9时(遇法定节假日顺延)在本院第 法庭公开开庭审理，逾期将依法缺席裁判。
四川省人：本院受理申请人 申请宣告 死亡一案，经查：下落不明已满四年。现发出寻找下落不明人公告，下落不明人应当自公告之日起一年内向本院申报其具体地址及联系方式。如期满仍不能确定下落不明人的下落，本院将依法判决宣告其死亡。
四川省人民法院
湖北省人：本院在审理 与 买卖合同纠纷一案中，因你下落不明，现依法向你公告送达民事判决书。自公告之日起六十日内来本院领取，逾期则视为送达。如不服本判决，可在公告期满后十五日内向本院递交上诉状，上诉于 中级人民法院。逾期本判决即发生法律效力。
山东省人：本院受理 与 民间借贷纠纷一案，现依法向你公告送达起诉状副本、应诉通知书、举证通知书、合议庭组成人员通知书及开庭传票。自本公告发出之日起经过三十日即视为送达。
河南省人：本院于 立案受理申请人 对 的重整申请，并指定 担任管理人。债权人应自公告之日起三十日内向管理人申报债权，书面说明债权数额和有无财产担保，并提交有关证据。
河南省人民法院
北京市人：遗失声明：营业执照正本、副本、公章、财务专用章、法人章遗失，特此声明作废。注销公告：经股东会决议，拟向公司登记机关申请注销登记，请债权人自本公告之日起四十五日内向本公司清算组申报债权。
上海市人：本院受理 诉 公告送达起诉状副本、应诉通知书、举证通知书、开庭传票等。自公告之日起经过三十日即视为送达。提出答辩状和举证的期限分别为公告期满后十五日和三十日内。并定于举证期满后第三日上午9时(遇法定节假日顺延)在本院第 法庭公开开庭审理，逾期将依法缺席裁判。
广东省人：本院受理申请人 申请宣告 死亡一案，经查：下落不明已满四年。现发出寻找下落不明人公告，下落不明人应当自公告之日起一年内向本院申报其具体地址及联系方式。如期满仍不能确定下落不明人的下落，本院将依法判决宣告其死亡。
广东省人民法院
浙江省人：本院在审理 与 买卖合同纠纷一案中，因你下落不明，现依法向你公告送达民事判决书。自公告之日起六十日内来本院领取，逾期则视为送达。如不服本判决，可在公告期满后十五日内向本院递交上诉状，上诉于 中级人民法院。逾期本判决即发生法律效力。
江苏省人：本院受理 与 民间借贷纠纷一案，现依法向你公告送达起诉状副本、应诉通知书、举证通知书、合议庭组成人员通知书及开庭传票。自本公告发出之日起经过三十日即视为送达。
四川省人：本院于 立案受理申请人 对 的重整申请，并指定 担任管理人。债权人应自公告之日起三十日内向管理人申报债权，书面说明债权数额和有无财产担保，并提交有关证据。
四川省人民法院
湖北省人：遗失声明：营业执照正本、副本、公章、财务专用章、法人章遗失，特此声明作废。注销公告：经股东会决议，拟向公司登记机关申请注销登记，请债权人自本公告之日起四十五日内向本公司清算组申报债权。
山东省人：本院受理 诉 公告送达起诉状副本、应诉通知书、举证通知书、开庭传票等。自公告之日起经过三十日即视为送达。提出答辩状和举证的期限分别为公告期满后十五日和三十日内。并定于举证期满后第三日上午9时(遇法定节假日顺延)在本院第 法庭公开开庭审理，逾期将依法缺席裁判。
河南省人：本院受理申请人 申请宣告 死亡一案，经查：下落不明已满四年。现发出寻找下落不明人公告，下落不明人应当自公告之日起一年内向本院申报其具体地址及联系方式。如期满仍不能确定下落不明人的下落，本院将依法判决宣告其死亡。
河南省人民法院
北京市人：本院在审理 与 买卖合同纠纷一案中，因你下落不明，现依法向你公告送达民事判决书。自公告之日起六十日内来本院领取，逾期则视为送达。如不服本判决，可在公告期满后十五日内向本院递交上诉状，上诉于 中级人民法院。逾期本判决即发生法律效力。
上海市人：本院受理 与 民间借贷纠纷一案，现依法向你公告送达起诉状副本、应诉通知书、举证通知书、合议庭组成人员通知书及开庭传票。自本公告发出之日起经过三十日即视为送达。
广东省人：本院于 立案受理申请人 对 的重整申请，并指定 担任管理人。债权人应自公告之日起三十日内向管理人申报债权，书面说明债权数额和有无财产担保，并提交有关证据。
广东省人民法院
浙江省人：遗失声明：营业执照正本、副本、公章、财务专用章、法人章遗失，特此声明作废。注销公告：经股东会决议，拟向公司登记机关申请注销登记，请债权人自本公告之日起四十五日内向本公司清算组申报债权。
江苏省人：本院受理 诉 公告送达起诉状副本、应诉通知书、举证通知书、开庭传票等。自公告之日起经过三十日即视为送达。提出答辩状和举证的期限分别为公告期满后十五日和三十日内。并定于举证期满后第三日上午9时(遇法定节假日顺延)在本院第 法庭公开开庭审理，逾期将依法缺席裁判。
四川省人：本院受理申请人 申请宣告 死亡一案，经查：下落不明已满四年。现发出寻找下落不明人公告，下落不明人应当自公告之日起一年内向本院申报其具体地址及联系方式。如期满仍不能确定下落不明人的下落，本院将依法判决宣告其死亡。
四川省人民法院
湖北省人：本院在审理 与 买卖合同纠纷一案中，因你下落不明，现依法向你公告送达民事判决书。自公告之日起六十日内来本院领取，逾期则视为送达。如不服本判决，可在公告期满后十五日内向本院递交上诉状，上诉于 中级人民法院。逾期本判决即发生法律效力。
山东省人：本院受理 与 民间借贷纠纷一案，现依法向你公告送达起诉状副本、应诉通知书、举证通知书、合议庭组成人员通知书及开庭传票。自本公告发出之日起经过三十日即视为送达。
河南省人：本院于 立案受理申请人 对 的重整申请，并指定 担任管理人。债权人应自公告之日起三十日内向管理人申报债权，书面说明债权数额和有无财产担保，并提交有关证据。
河南省人民法院
北京市人：遗失声明：营业执照正本、副本、公章、财务专用章、法人章遗失，特此声明作废。注销公告：经股东会决议，拟向公司登记机关申请注销登记，请债权人自本公告之日起四十五日内向本公司清算组申报债权。
上海市人：本院受理 诉 公告送达起诉状副本、应诉通知书、举证通知书、开庭传票等。自公告之日起经过三十日即视为送达。提出答辩状和举证的期限分别为公告期满后十五日和三十日内。并定于举证期满后第三日上午9时(遇法定节假日顺延)在本院第 法庭公开开庭审理，逾期将依法缺席裁判。
广东省人：本院受理申请人 申请宣告 死亡一案，经查：下落不明已满四年。现发出寻找下落不明人公告，下落不明人应当自公告之日起一年内向本院申报其具体地址及联系方式。如期满仍不能确定下落不明人的下落，本院将依法判决宣告其死亡。
广东省人民法院
浙江省人：本院在审理 与 买卖合同纠纷一案中，因你下落不明，现依法向你公告送达民事判决书。自公告之日起六十日内来本院领取，逾期则视为送达。如不服本判决，可在公告期满后十五日内向本院递交上诉状，上诉于 中级人民法院。逾期本判决即发生法律效力。
江苏省人：本院受理 与 民间借贷纠纷一案，现依法向你公告送达起诉状副本、应诉通知书、举证通知书、合议庭组成人员通知书及开庭传票。自本公告发出之日起经过三十日即视为送达。
四川省人：本院于 立案受理申请人 对 的重整申请，并指定 担任管理人。债权人应自公告之日起三十日内向管理人申报债权，书面说明债权数额和有无财产担保，并提交有关证据。
四川省人民法院
湖北省人：遗失声明：营业执照正本、副本、公章、财务专用章、法人章遗失，特此声明作废。注销公告：经股东会决议，拟向公司登记机关申请注销登记，请债权人自本公告之日起四十五日内向本公司清算组申报债权。
山东省人：本院受理 诉 公告送达起诉状副本、应诉通知书、举证通知书、开庭传票等。自公告之日起经过三十日即视为送达。提出答辩状和举证的期限分别为公告期满后十五日和三十日内。并定于举证期满后第三日上午9时(遇法定节假日顺延)在本院第 法庭公开开庭审理，逾期将依法缺席裁判。
河南省人：本院受理申请人 申请宣告 死亡一案，经查：下落不明已满四年。现发出寻找下落不明人公告，下落不明人应当自公告之日起一年内向本院申报其具体地址及联系方式。如期满仍不能确定下落不明人的下落，本院将依法判决宣告其死亡。
河南省人民法院
北京市人：本院在审理 与 买卖合同纠纷一案中，因你下落不明，现依法向你公告送达民事判决书。自公告之日起六十日内来本院领取，逾期则视为送达。如不服本判决，可在公告期满后十五日内向本院递交上诉状，上诉于 中级人民法院。逾期本判决即发生法律效力。
上海市人：本院受理 与 民间借贷纠纷一案，现依法向你公告送达起诉状副本、应诉通知书、举证通知书、合议庭组成人员通知书及开庭传票。自本公告发出之日起经过三十日即视为送达。
广东省人：本院于 立案受理申请人 对 的重整申请，并指定 担任管理人。债权人应自公告之日起三十日内向管理人申报债权，书面说明债权数额和有无财产担保，并提交有关证据。
广东省人民法院
浙江省人：遗失声明：营业执照正本、副本、公章、财务专用章、法人章遗失，特此声明作废。注销公告：经股东会决议，拟向公司登记机关申请注销登记，请债权人自本公告之日起四十五日内向本公司清算组申报债权。
江苏省人：本院受理 诉 公告送达起诉状副本、应诉通知书、举证通知书、开庭传票等。自公告之日起经过三十日即视为送达。提出答辩状和举证的期限分别为公告期满后十五日和三十日内。并定于举证期满后第三日上午9时(遇法定节假日顺延)在本院第 法庭公开开庭审理，逾期将依法缺席裁判。
四川省人：本院受理申请人 申请宣告 死亡一案，经查：下落不明已满四年。现发出寻找下落不明人公告，下落不明人应当自公告之日起一年内向本院申报其具体地址及联系方式。如期满仍不能确定下落不明人的下落，本院将依法判决宣告其死亡。
四川省人民法院
湖北省人：本院在审理 与 买卖合同纠纷一案中，因你下落不明，现依法向你公告送达民事判决书。自公告之日起六十日内来本院领取，逾期则视为送达。如不服本判决，可在公告期满后十五日内向本院递交上诉状，上诉于 中级人民法院。逾期本判决即发生法律效力。
山东省人：本院受理 与 民间借贷纠纷一案，现依法向你公告送达起诉状副本、应诉通知书、举证通知书、合议庭组成人员通知书及开庭传票。自本公告发出之日起经过三十日即视为送达。
河南省人：本院于 立案受理申请人 对 的重整申请，并指定 担任管理人。债权人应自公告之日起三十日内向管理人申报债权，书面说明债权数额和有无财产担保，并提交有关证据。
河南省人民法院
北京市人：遗失声明：营业执照正本、副本、公章、财务专用章、法人章遗失，特此声明作废。注销公告：经股东会决议，拟向公司登记机关申请注销登记，请债权人自本公告之日起四十五日内向本公司清算组申报债权。
上海市人：本院受理 诉 公告送达起诉状副本、应诉通知书、举证通知书、开庭传票等。自公告之日起经过三十日即视为送达。提出答辩状和举证的期限分别为公告期满后十五日和三十日内。并定于举证期满后第三日上午9时(遇法定节假日顺延)在本院第 法庭公开开庭审理，逾期将依法缺席裁判。
广东省人：本院受理申请人 申请宣告 死亡一案，经查：下落不明已满四年。现发出寻找下落不明人公告，下落不明人应当自公告之日起一年内向本院申报其具体地址及联系方式。如期满仍不能确定下落不明人的下落，本院将依法判决宣告其死亡。
广东省人民法院
浙江省人：本院在审理 与 买卖合同纠纷一案中，因你下落不明，现依法向你公告送达民事判决书。自公告之日起六十日内来本院领取，逾期则视为送达。如不服本判决，可在公告期满后十五日内向本院递交上诉状，上诉于 中级人民法院。逾期本判决即发生法律效力。
江苏省人：本院受理 与 民间借贷纠纷一案，现依法向你公告送达起诉状副本、应诉通知书、举证通知书、合议庭组成人员通知书及开庭传票。自本公告发出之日起经过三十日即视为送达。
四川省人：本院于 立案受理申请人 对 的重整申请，并指定 担任管理人。债权人应自公告之日起三十日内向管理人申报债权，书面说明债权数额和有无财产担保，并提交有关证据。
四川省人民法院
湖北省人：遗失声明：营业执照正本、副本、公章、财务专用章、法人章遗失，特此声明作废。注销公告：经股东会决议，拟向公司登记机关申请注销登记，请债权人自本公告之日起四十五日内向本公司清算组申报债权。
山东省人：本院受理 诉 公告送达起诉状副本、应诉通知书、举证通知书、开庭传票等。自公告之日起经过三十日即视为送达。提出答辩状和举证的期限分别为公告期满后十五日和三十日内。并定于举证期满后第三日上午9时(遇法定节假日顺延)在本院第 法庭公开开庭审理，逾期将依法缺席裁判。
河南省人：本院受理申请人 申请宣告 死亡一案，经查：下落不明已满四年。现发出寻找下落不明人公告，下落不明人应当自公告之日起一年内向本院申报其具体地址及联系方式。如期满仍不能确定下落不明人的下落，本院将依法判决宣告其死亡。
河南省人民法院
公告专栏
遗失声明
浙江省人：本院受理 诉 公告送达起诉状副本、应诉通知书、举证通知书、开庭传票等。自公告之日起经过三十日即视为送达。提出答辩状和举证的期限分别为公告期满后十五日和三十日内。并定于举证期满后第三日上午9时(遇法定节假日顺延)在本院第 法庭公开开庭审理，逾期将依法缺席裁判。
浙江省人民法院
江苏省人：本院受理申请人 申请宣告 死亡一案，经查：下落不明已满四年。现发出寻找下落不明人公告，下落不明人应当自公告之日起一年内向本院申报其具体地址及联系方式。如期满仍不能确定下落不明人的下落，本院将依法判决宣告其死亡。
四川省人：本院在审理 与 买卖合同纠纷一案中，因你下落不明，现依法向你公告送达民事判决书。自公告之日起六十日内来本院领取，逾期则视为送达。如不服本判决，可在公告期满后十五日内向本院递交上诉状，上诉于 中级人民法院。逾期本判决即发生法律效力。
湖北省人：本院受理 与 民间借贷纠纷一案，现依法向你公告送达起诉状副本、应诉通知书、举证通知书、合议庭组成人员通知书及开庭传票。自本公告发出之日起经过三十日即视为送达。
湖北省人民法院
山东省人：本院于 立案受理申请人 对 的重整申请，并指定 担任管理人。债权人应自公告之日起三十日内向管理人申报债权，书面说明债权数额和有无财产担保，并提交有关证据。
河南省人：遗失声明：营业执照正本、副本、公章、财务专用章、法人章遗失，特此声明作废。注销公告：经股东会决议，拟向公司登记机关申请注销登记，请债权人自本公告之日起四十五日内向本公司清算组申报债权。
北京市人：本院受理 诉 公告送达起诉状副本、应诉通知书、举证通知书、开庭传票等。自公告之日起经过三十日即视为送达。提出答辩状和举证的期限分别为公告期满后十五日和三十日内。并定于举证期满后第三日上午9时(遇法定节假日顺延)在本院第 法庭公开开庭审理，逾期将依法缺席裁判。
北京市人民法院
上海市人：本院受理申请人 申请宣告 死亡一案，经查：下落不明已满四年。现发出寻找下落不明人公告，下落不明人应当自公告之日起一年内向本院申报其具体地址及联系方式。如期满仍不能确定下落不明人的下落，本院将依法判决宣告其死亡。
广东省人：本院在审理 与 买卖合同纠纷一案中，因你下落不明，现依法向你公告送达民事判决书。自公告之日起六十日内来本院领取，逾期则视为送达。如不服本判决，可在公告期满后十五日内向本院递交上诉状，上诉于 中级人民法院。逾期本判决即发生法律效力。
注销公告
浙江省人：本院受理 与 民间借贷纠纷一案，现依法向你公告送达起诉状副本、应诉通知书、举证通知书、合议庭组成人员通知书及开庭传票。自本公告发出之日起经过三十日即视为送达。
浙江省人民法院
江苏省人：本院于 立案受理申请人 对 的重整申请，并指定 担任管理人。债权人应自公告之日起三十日内向管理人申报债权，书面说明债权数额和有无财产担保，并提交有关证据。
四川省人：遗失声明：营业执照正本、副本、公章、财务专用章、法人章遗失，特此声明作废。注销公告：经股东会决议，拟向公司登记机关申请注销登记，请债权人自本公告之日起四十五日内向本公司清算组申报债权。
湖北省人：本院受理 诉 公告送达起诉状副本、应诉通知书、举证通知书、开庭传票等。自公告之日起经过三十日即视为送达。提出答辩状和举证的期限分别为公告期满后十五日和三十日内。并定于举证期满后第三日上午9时(遇法定节假日顺延)在本院第 法庭公开开庭审理，逾期将依法缺席裁判。
湖北省人民法院
山东省人：本院受理申请人 申请宣告 死亡一案，经查：下落不明已满四年。现发出寻找下落不明人公告，下落不明人应当自公告之日起一年内向本院申报其具体地址及联系方式。如期满仍不能确定下落不明人的下落，本院将依法判决宣告其死亡。
河南省人：本院在审理 与 买卖合同纠纷一案中，因你下落不明，现依法向你公告送达民事判决书。自公告之日起六十日内来本院领取，逾期则视为送达。如不服本判决，可在公告期满后十五日内向本院递交上诉状，上诉于 中级人民法院。逾期本判决即发生法律效力。
北京市人：本院受理 与 民间借贷纠纷一案，现依法向你公告送达起诉状副本、应诉通知书、举证通知书、合议庭组成人员通知书及开庭传票。自本公告发出之日起经过三十日即视为送达。
北京市人民法院
上海市人：本院于 立案受理申请人 对 的重整申请，并指定 担任管理人。债权人应自公告之日起三十日内向管理人申报债权，书面说明债权数额和有无财产担保，并提交有关证据。
广东省人：遗失声明：营业执照正本、副本、公章、财务专用章、法人章遗失，特此声明作废。注销公告：经股东会决议，拟向公司登记机关申请注销登记，请债权人自本公告之日起四十五日内向本公司清算组申报债权。
减资公告
浙江省人：本院受理 诉 公告送达起诉状副本、应诉通知书、举证通知书、开庭传票等。自公告之日起经过三十日即视为送达。提出答辩状和举证的期限分别为公告期满后十五日和三十日内。并定于举证期满后第三日上午9时(遇法定节假日顺延)在本院第 法庭公开开庭审理，逾期将依法缺席裁判。
浙江省人民法院
江苏省人：本院受理申请人 申请宣告 死亡一案，经查：下落不明已满四年。现发出寻找下落不明人公告，下落不明人应当自公告之日起一年内向本院申报其具体地址及联系方式。如期满仍不能确定下落不明人的下落，本院将依法判决宣告其死亡。
四川省人：本院在审理 与 买卖合同纠纷一案中，因你下落不明，现依法向你公告送达民事判决书。自公告之日起六十日内来本院领取，逾期则视为送达。如不服本判决，可在公告期满后十五日内向本院递交上诉状，上诉于 中级人民法院。逾期本判决即发生法律效力。
湖北省人：本院受理 与 民间借贷纠纷一案，现依法向你公告送达起诉状副本、应诉通知书、举证通知书、合议庭组成人员通知书及开庭传票。自本公告发出之日起经过三十日即视为送达。
湖北省人民法院
山东省人：本院于 立案受理申请人 对 的重整申请，并指定 担任管理人。债权人应自公告之日起三十日内向管理人申报债权，书面说明债权数额和有无财产担保，并提交有关证据。
河南省人：遗失声明：营业执照正本、副本、公章、财务专用章、法人章遗失，特此声明作废。注销公告：经股东会决议，拟向公司登记机关申请注销登记，请债权人自本公告之日起四十五日内向本公司清算组申报债权。
北京市人：本院受理 诉 公告送达起诉状副本、应诉通知书、举证通知书、开庭传票等。自公告之日起经过三十日即视为送达。提出答辩状和举证的期限分别为公告期满后十五日和三十日内。并定于举证期满后第三日上午9时(遇法定节假日顺延)在本院第 法庭公开开庭审理，逾期将依法缺席裁判。
北京市人民法院
上海市人：本院受理申请人 申请宣告 死亡一案，经查：下落不明已满四年。现发出寻找下落不明人公告，下落不明人应当自公告之日起一年内向本院申报其具体地址及联系方式。如期满仍不能确定下落不明人的下落，本院将依法判决宣告其死亡。
广东省人：本院在审理 与 买卖合同纠纷一案中，因你下落不明，现依法向你公告送达民事判决书。自公告之日起六十日内来本院领取，逾期则视为送达。如不服本判决，可在公告期满后十五日内向本院递交上诉状，上诉于 中级人民法院。逾期本判决即发生法律效力。
合并公告
浙江省人：本院受理 与 民间借贷纠纷一案，现依法向你公告送达起诉状副本、应诉通知书、举证通知书、合议庭组成人员通知书及开庭传票。自本公告发出之日起经过三十日即视为送达。
浙江省人民法院
江苏省人：本院于 立案受理申请人 对 的重整申请，并指定 担任管理人。债权人应自公告之日起三十日内向管理人申报债权，书面说明债权数额和有无财产担保，并提交有关证据。
四川省人：遗失声明：营业执照正本、副本、公章、财务专用章、法人章遗失，特此声明作废。注销公告：经股东会决议，拟向公司登记机关申请注销登记，请债权人自本公告之日起四十五日内向本公司清算组申报债权。
湖北省人：本院受理 诉 公告送达起诉状副本、应诉通知书、举证通知书、开庭传票等。自公告之日起经过三十日即视为送达。提出答辩状和举证的期限分别为公告期满后十五日和三十日内。并定于举证期满后第三日上午9时(遇法定节假日顺延)在本院第 法庭公开开庭审理，逾期将依法缺席裁判。
湖北省人民法院
山东省人：本院受理申请人 申请宣告 死亡一案，经查：下落不明已满四年。现发出寻找下落不明人公告，下落不明人应当自公告之日起一年内向本院申报其具体地址及联系方式。如期满仍不能确定下落不明人的下落，本院将依法判决宣告其死亡。
河南省人：本院在审理 与 买卖合同纠纷一案中，因你下落不明，现依法向你公告送达民事判决书。自公告之日起六十日内来本院领取，逾期则视为送达。如不服本判决，可在公告期满后十五日内向本院递交上诉状，上诉于 中级人民法院。逾期本判决即发生法律效力。
北京市人：本院受理 与 民间借贷纠纷一案，现依法向你公告送达起诉状副本、应诉通知书、举证通知书、合议庭组成人员通知书及开庭传票。自本公告发出之日起经过三十日即视为送达。
北京市人民法院
上海市人：本院于 立案受理申请人 对 的重整申请，并指定 担任管理人。债权人应自公告之日起三十日内向管理人申报债权，书面说明债权数额和有无财产担保，并提交有关证据。
广东省人：遗失声明：营业执照正本、副本、公章、财务专用章、法人章遗失，特此声明作废。注销公告：经股东会决议，拟向公司登记机关申请注销登记，请债权人自本公告之日起四十五日内向本公司清算组申报债权。
清算公告
浙江省人：本院受理 诉 公告送达起诉状副本、应诉通知书、举证通知书、开庭传票等。自公告之日起经过三十日即视为送达。提出答辩状和举证的期限分别为公告期满后十五日和三十日内。并定于举证期满后第三日上午9时(遇法定节假日顺延)在本院第 法庭公开开庭审理，逾期将依法缺席裁判。
浙江省人民法院
江苏省人：本院受理申请人 申请宣告 死亡一案，经查：下落不明已满四年。现发出寻找下落不明人公告，下落不明人应当自公告之日起一年内向本院申报其具体地址及联系方式。如期满仍不能确定下落不明人的下落，本院将依法判决宣告其死亡。
四川省人：本院在审理 与 买卖合同纠纷一案中，因你下落不明，现依法向你公告送达民事判决书。自公告之日起六十日内来本院领取，逾期则视为送达。如不服本判决，可在公告期满后十五日内向本院递交上诉状，上诉于 中级人民法院。逾期本判决即发生法律效力。
湖北省人：本院受理 与 民间借贷纠纷一案，现依法向你公告送达起诉状副本、应诉通知书、举证通知书、合议庭组成人员通知书及开庭传票。自本公告发出之日起经过三十日即视为送达。
湖北省人民法院
山东省人：本院于 立案受理申请人 对 的重整申请，并指定 担任管理人。债权人应自公告之日起三十日内向管理人申报债权，书面说明债权数额和有无财产担保，并提交有关证据。
河南省人：遗失声明：营业执照正本、副本、公章、财务专用章、法人章遗失，特此声明作废。注销公告：经股东会决议，拟向公司登记机关申请注销登记，请债权人自本公告之日起四十五日内向本公司清算组申报债权。
北京市人：本院受理 诉 公告送达起诉状副本、应诉通知书、举证通知书、开庭传票等。自公告之日起经过三十日即视为送达。提出答辩状和举证的期限分别为公告期满后十五日和三十日内。并定于举证期满后第三日上午9时(遇法定节假日顺延)在本院第 法庭公开开庭审理，逾期将依法缺席裁判。
北京市人民法院
上海市人：本院受理申请人 申请宣告 死亡一案，经查：下落不明已满四年。现发出寻找下落不明人公告，下落不明人应当自公告之日起一年内向本院申报其具体地址及联系方式。如期满仍不能确定下落不明人的下落，本院将依法判决宣告其死亡。
广东省人：本院在审理 与 买卖合同纠纷一案中，因你下落不明，现依法向你公告送达民事判决书。自公告之日起六十日内来本院领取，逾期则视为送达。如不服本判决，可在公告期满后十五日内向本院递交上诉状，上诉于 中级人民法院。逾期本判决即发生法律效力。
遗失声明
浙江省人：本院受理 与 民间借贷纠纷一案，现依法向你公告送达起诉状副本、应诉通知书、举证通知书、合议庭组成人员通知书及开庭传票。自本公告发出之日起经过三十日即视为送达。
浙江省人民法院
江苏省人：本院于 立案受理申请人 对 的重整申请，并指定 担任管理人。债权人应自公告之日起三十日内向管理人申报债权，书面说明债权数额和有无财产担保，并提交有关证据。
四川省人：遗失声明：营业执照正本、副本、公章、财务专用章、法人章遗失，特此声明作废。注销公告：经股东会决议，拟向公司登记机关申请注销登记，请债权人自本公告之日起四十五日内向本公司清算组申报债权。
湖北省人：本院受理 诉 公告送达起诉状副本、应诉通知书、举证通知书、开庭传票等。自公告之日起经过三十日即视为送达。提出答辩状和举证的期限分别为公告期满后十五日和三十日内。并定于举证期满后第三日上午9时(遇法定节假日顺延)在本院第 法庭公开开庭审理，逾期将依法缺席裁判。
湖北省人民法院
山东省人：本院受理申请人 申请宣告 死亡一案，经查：下落不明已满四年。现发出寻找下落不明人公告，下落不明人应当自公告之日起一年内向本院申报其具体地址及联系方式。如期满仍不能确定下落不明人的下落，本院将依法判决宣告其死亡。
河南省人：本院在审理 与 买卖合同纠纷一案中，因你下落不明，现依法向你公告送达民事判决书。自公告之日起六十日内来本院领取，逾期则视为送达。如不服本判决，可在公告期满后十五日内向本院递交上诉状，上诉于 中级人民法院。逾期本判决即发生法律效力。
北京市人：本院受理 与 民间借贷纠纷一案，现依法向你公告送达起诉状副本、应诉通知书、举证通知书、合议庭组成人员通知书及开庭传票。自本公告发出之日起经过三十日即视为送达。
北京市人民法院
上海市人：本院于 立案受理申请人 对 的重整申请，并指定 担任管理人。债权人应自公告之日起三十日内向管理人申报债权，书面说明债权数额和有无财产担保，并提交有关证据。
广东省人：遗失声明：营业执照正本、副本、公章、财务专用章、法人章遗失，特此声明作废。注销公告：经股东会决议，拟向公司登记机关申请注销登记，请债权人自本公告之日起四十五日内向本公司清算组申报债权。
注销公告
浙江省人：本院受理 诉 公告送达起诉状副本、应诉通知书、举证通知书、开庭传票等。自公告之日起经过三十日即视为送达。提出答辩状和举证的期限分别为公告期满后十五日和三十日内。并定于举证期满后第三日上午9时(遇法定节假日顺延)在本院第 法庭公开开庭审理，逾期将依法缺席裁判。
浙江省人民法院
江苏省人：本院受理申请人 申请宣告 死亡一案，经查：下落不明已满四年。现发出寻找下落不明人公告，下落不明人应当自公告之日起一年内向本院申报其具体地址及联系方式。如期满仍不能确定下落不明人的下落，本院将依法判决宣告其死亡。
四川省人：本院在审理 与 买卖合同纠纷一案中，因你下落不明，现依法向你公告送达民事判决书。自公告之日起六十日内来本院领取，逾期则视为送达。如不服本判决，可在公告期满后十五日内向本院递交上诉状，上诉于 中级人民法院。逾期本判决即发生法律效力。
湖北省人：本院受理 与 民间借贷纠纷一案，现依法向你公告送达起诉状副本、应诉通知书、举证通知书、合议庭组成人员通知书及开庭传票。自本公告发出之日起经过三十日即视为送达。
湖北省人民法院
山东省人：本院于 立案受理申请人 对 的重整申请，并指定 担任管理人。债权人应自公告之日起三十日内向管理人申报债权，书面说明债权数额和有无财产担保，并提交有关证据。
河南省人：遗失声明：营业执照正本、副本、公章、财务专用章、法人章遗失，特此声明作废。注销公告：经股东会决议，拟向公司登记机关申请注销登记，请债权人自本公告之日起四十五日内向本公司清算组申报债权。
北京市人：本院受理 诉 公告送达起诉状副本、应诉通知书、举证通知书、开庭传票等。自公告之日起经过三十日即视为送达。提出答辩状和举证的期限分别为公告期满后十五日和三十日内。并定于举证期满后第三日上午9时(遇法定节假日顺延)在本院第 法庭公开开庭审理，逾期将依法缺席裁判。
北京市人民法院
上海市人：本院受理申请人 申请宣告 死亡一案，经查：下落不明已满四年。现发出寻找下落不明人公告，下落不明人应当自公告之日起一年内向本院申报其具体地址及联系方式。如期满仍不能确定下落不明人的下落，本院将依法判决宣告其死亡。
广东省人：本院在审理 与 买卖合同纠纷一案中，因你下落不明，现依法向你公告送达民事判决书。自公告之日起六十日内来本院领取，逾期则视为送达。如不服本判决，可在公告期满后十五日内向本院递交上诉状，上诉于 中级人民法院。逾期本判决即发生法律效力。
减资公告
浙江省人：本院受理 与 民间借贷纠纷一案，现依法向你公告送达起诉状副本、应诉通知书、举证通知书、合议庭组成人员通知书及开庭传票。自本公告发出之日起经过三十日即视为送达。
浙江省人民法院
江苏省人：本院于 立案受理申请人 对 的重整申请，并指定 担任管理人。债权人应自公告之日起三十日内向管理人申报债权，书面说明债权数额和有无财产担保，并提交有关证据。
四川省人：遗失声明：营业执照正本、副本、公章、财务专用章、法人章遗失，特此声明作废。注销公告：经股东会决议，拟向公司登记机关申请注销登记，请债权人自本公告之日起四十五日内向本公司清算组申报债权。
湖北省人：本院受理 诉 公告送达起诉状副本、应诉通知书、举证通知书、开庭传票等。自公告之日起经过三十日即视为送达。提出答辩状和举证的期限分别为公告期满后十五日和三十日内。并定于举证期满后第三日上午9时(遇法定节假日顺延)在本院第 法庭公开开庭审理，逾期将依法缺席裁判。
湖北省人民法院
山东省人：本院受理申请人 申请宣告 死亡一案，经查：下落不明已满四年。现发出寻找下落不明人公告，下落不明人应当自公告之日起一年内向本院申报其具体地址及联系方式。如期满仍不能确定下落不明人的下落，本院将依法判决宣告其死亡。
河南省人：本院在审理 与 买卖合同纠纷一案中，因你下落不明，现依法向你公告送达民事判决书。自公告之日起六十日内来本院领取，逾期则视为送达。如不服本判决，可在公告期满后十五日内向本院递交上诉状，上诉于 中级人民法院。逾期本判决即发生法律效力。
北京市人：本院受理 与 民间借贷纠纷一案，现依法向你公告送达起诉状副本、应诉通知书、举证通知书、合议庭组成人员通知书及开庭传票。自本公告发出之日起经过三十日即视为送达。
北京市人民法院
